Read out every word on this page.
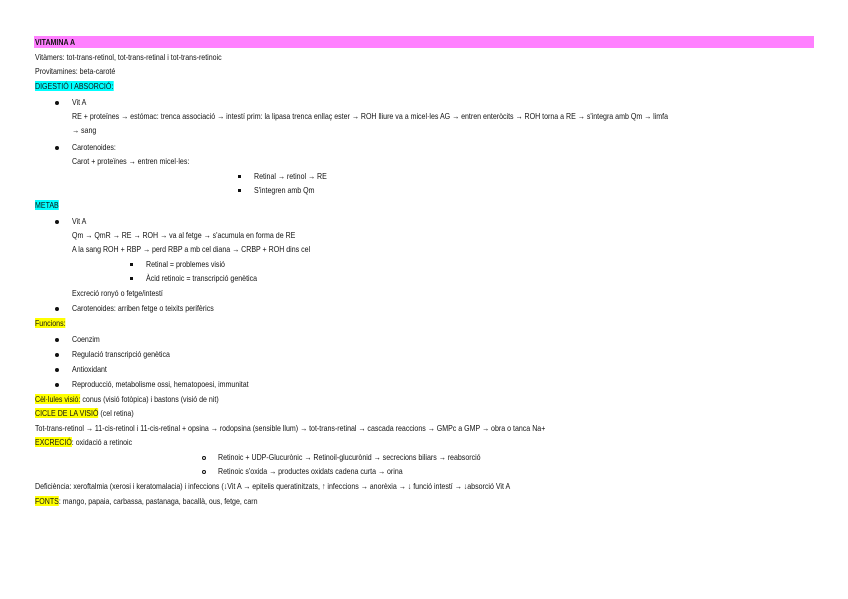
VITAMINA A
Vitàmers: tot-trans-retinol, tot-trans-retinal i tot-trans-retinoic
Provitamines: beta-caroté
DIGESTIÓ I ABSORCIÓ:
Vit A
RE + proteïnes → estómac: trenca associació → intestí prim: la lipasa trenca enllaç ester → ROH lliure va a micel·les AG → entren enteròcits → ROH torna a RE → s'integra amb Qm → limfa
→ sang
Carotenoides:
Carot + proteïnes → entren micel·les:
Retinal → retinol → RE
S'integren amb Qm
METAB
Vit A
Qm → QmR → RE → ROH → va al fetge → s'acumula en forma de RE
A la sang ROH + RBP → perd RBP a mb cel diana → CRBP + ROH dins cel
Retinal = problemes visió
Àcid retinoic = transcripció genètica
Excreció ronyó o fetge/intestí
Carotenoides: arriben fetge o teixits perifèrics
Funcions:
Coenzim
Regulació transcripció genètica
Antioxidant
Reproducció, metabolisme ossi, hematopoesi, immunitat
Cèl·lules visió: conus (visió fotòpica) i bastons (visió de nit)
CICLE DE LA VISIÓ (cel retina)
Tot-trans-retinol → 11-cis-retinol i 11-cis-retinal + opsina → rodopsina (sensible llum) → tot-trans-retinal → cascada reaccions → GMPc a GMP → obra o tanca Na+
EXCRECIÓ: oxidació a retinoic
Retinoic + UDP-Glucurònic → Retinoil-glucurònid → secrecions biliars → reabsorció
Retinoic s'oxida → productes oxidats cadena curta → orina
Deficiència: xeroftalmia (xerosi i keratomalacia) i infeccions (↓Vit A → epitelis queratinitzats, ↑ infeccions → anorèxia → ↓ funció intestí → ↓absorció Vit A
FONTS: mango, papaia, carbassa, pastanaga, bacallà, ous, fetge, carn
